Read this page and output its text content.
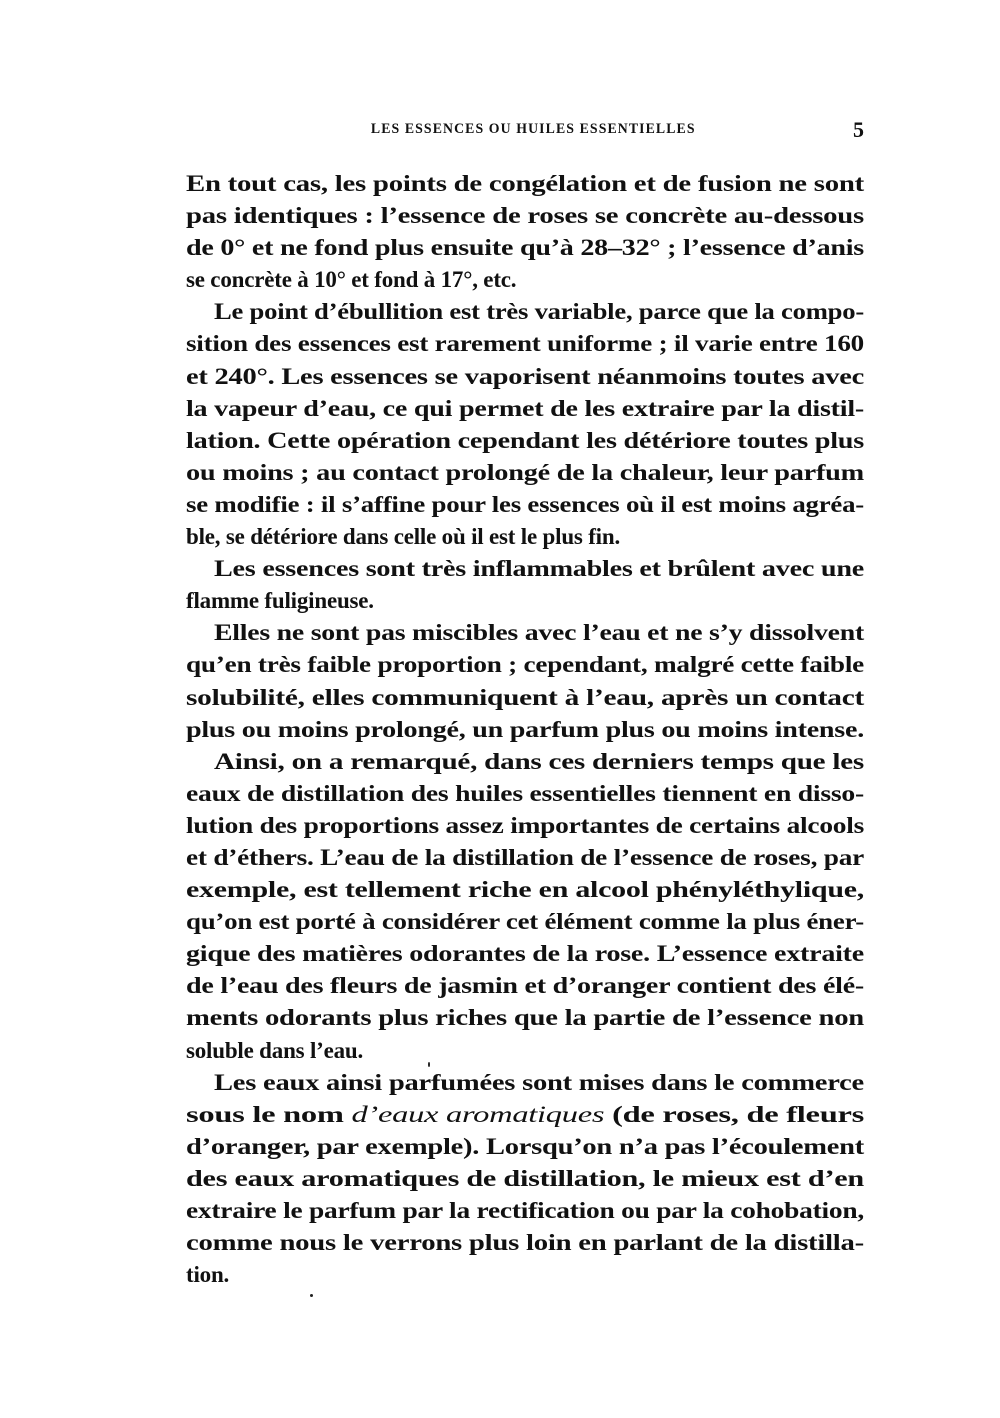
LES ESSENCES OU HUILES ESSENTIELLES	5
En tout cas, les points de congélation et de fusion ne sont
pas identiques : l’essence de roses se concrète au-dessous
de 0° et ne fond plus ensuite qu’à 28–32° ; l’essence d’anis
se concrète à 10° et fond à 17°, etc.
Le point d’ébullition est très variable, parce que la compo-
sition des essences est rarement uniforme ; il varie entre 160
et 240°. Les essences se vaporisent néanmoins toutes avec
la vapeur d’eau, ce qui permet de les extraire par la distil-
lation. Cette opération cependant les détériore toutes plus
ou moins ; au contact prolongé de la chaleur, leur parfum
se modifie : il s’affine pour les essences où il est moins agréa-
ble, se détériore dans celle où il est le plus fin.
Les essences sont très inflammables et brûlent avec une
flamme fuligineuse.
Elles ne sont pas miscibles avec l’eau et ne s’y dissolvent
qu’en très faible proportion ; cependant, malgré cette faible
solubilité, elles communiquent à l’eau, après un contact
plus ou moins prolongé, un parfum plus ou moins intense.
Ainsi, on a remarqué, dans ces derniers temps que les
eaux de distillation des huiles essentielles tiennent en disso-
lution des proportions assez importantes de certains alcools
et d’éthers. L’eau de la distillation de l’essence de roses, par
exemple, est tellement riche en alcool phényléthylique,
qu’on est porté à considérer cet élément comme la plus éner-
gique des matières odorantes de la rose. L’essence extraite
de l’eau des fleurs de jasmin et d’oranger contient des élé-
ments odorants plus riches que la partie de l’essence non
soluble dans l’eau.
Les eaux ainsi parfumées sont mises dans le commerce
sous le nom d’eaux aromatiques (de roses, de fleurs
d’oranger, par exemple). Lorsqu’on n’a pas l’écoulement
des eaux aromatiques de distillation, le mieux est d’en
extraire le parfum par la rectification ou par la cohobation,
comme nous le verrons plus loin en parlant de la distilla-
tion.
